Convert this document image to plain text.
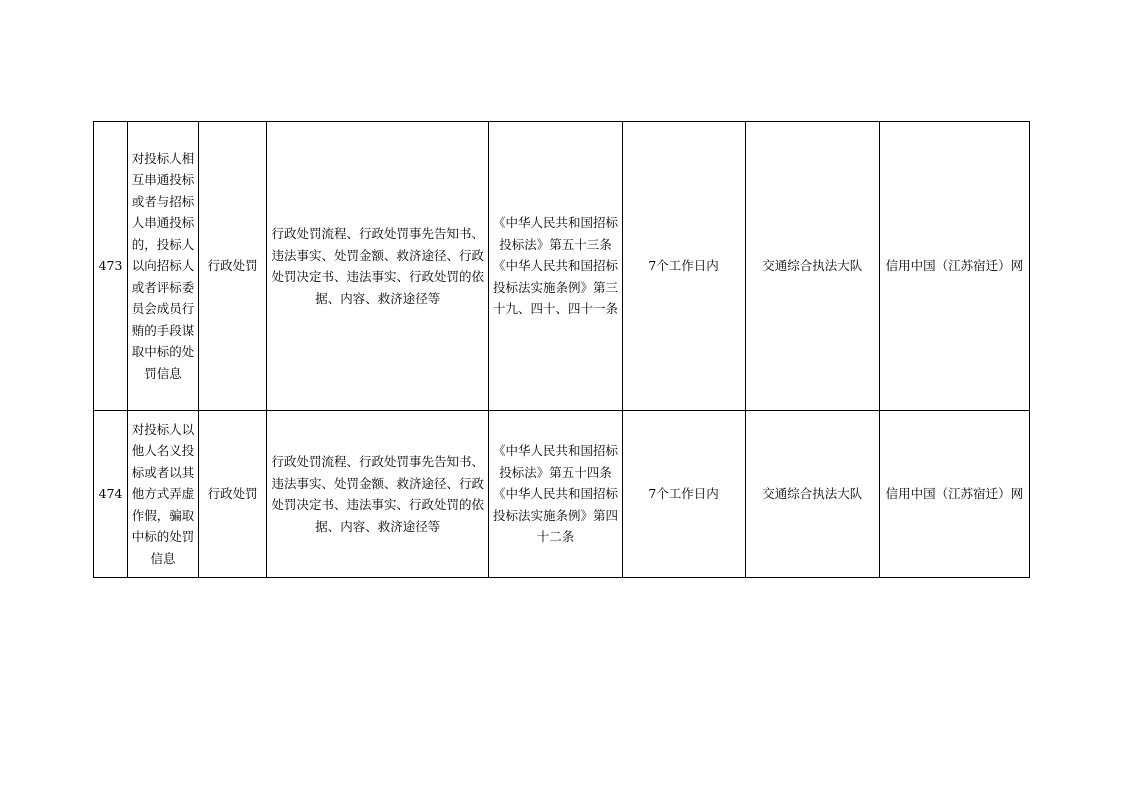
473	对投标人相互串通投标或者与招标人串通投标的，投标人以向招标人或者评标委员会成员行贿的手段谋取中标的处罚信息	行政处罚	行政处罚流程、行政处罚事先告知书、违法事实、处罚金额、救济途径、行政处罚决定书、违法事实、行政处罚的依据、内容、救济途径等	《中华人民共和国招标投标法》第五十三条《中华人民共和国招标投标法实施条例》第三十九、四十、四十一条	7个工作日内	交通综合执法大队	信用中国（江苏宿迁）网
474	对投标人以他人名义投标或者以其他方式弄虚作假，骗取中标的处罚信息	行政处罚	行政处罚流程、行政处罚事先告知书、违法事实、处罚金额、救济途径、行政处罚决定书、违法事实、行政处罚的依据、内容、救济途径等	《中华人民共和国招标投标法》第五十四条《中华人民共和国招标投标法实施条例》第四十二条	7个工作日内	交通综合执法大队	信用中国（江苏宿迁）网
